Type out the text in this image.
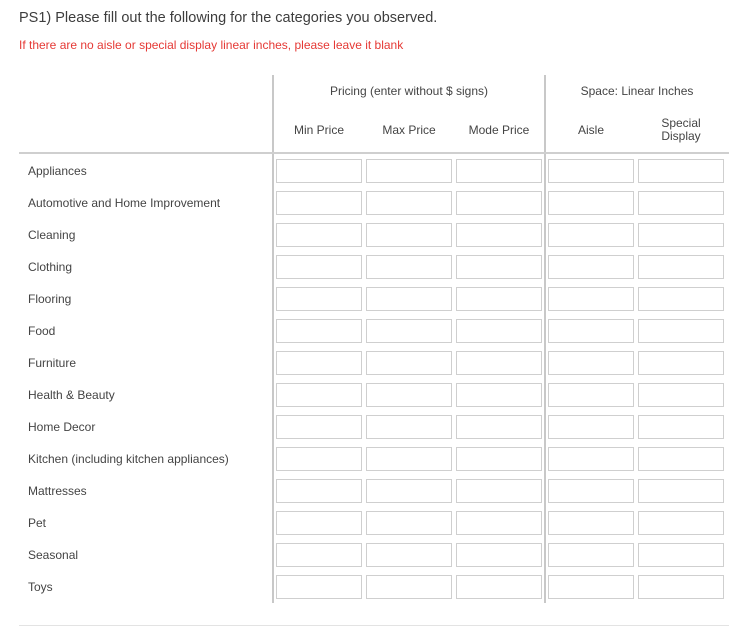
PS1) Please fill out the following for the categories you observed.
If there are no aisle or special display linear inches, please leave it blank
Pricing (enter without $ signs)	Space: Linear Inches
Min Price	Max Price	Mode Price	Aisle	Special Display
Appliances
Automotive and Home Improvement
Cleaning
Clothing
Flooring
Food
Furniture
Health & Beauty
Home Decor
Kitchen (including kitchen appliances)
Mattresses
Pet
Seasonal
Toys
